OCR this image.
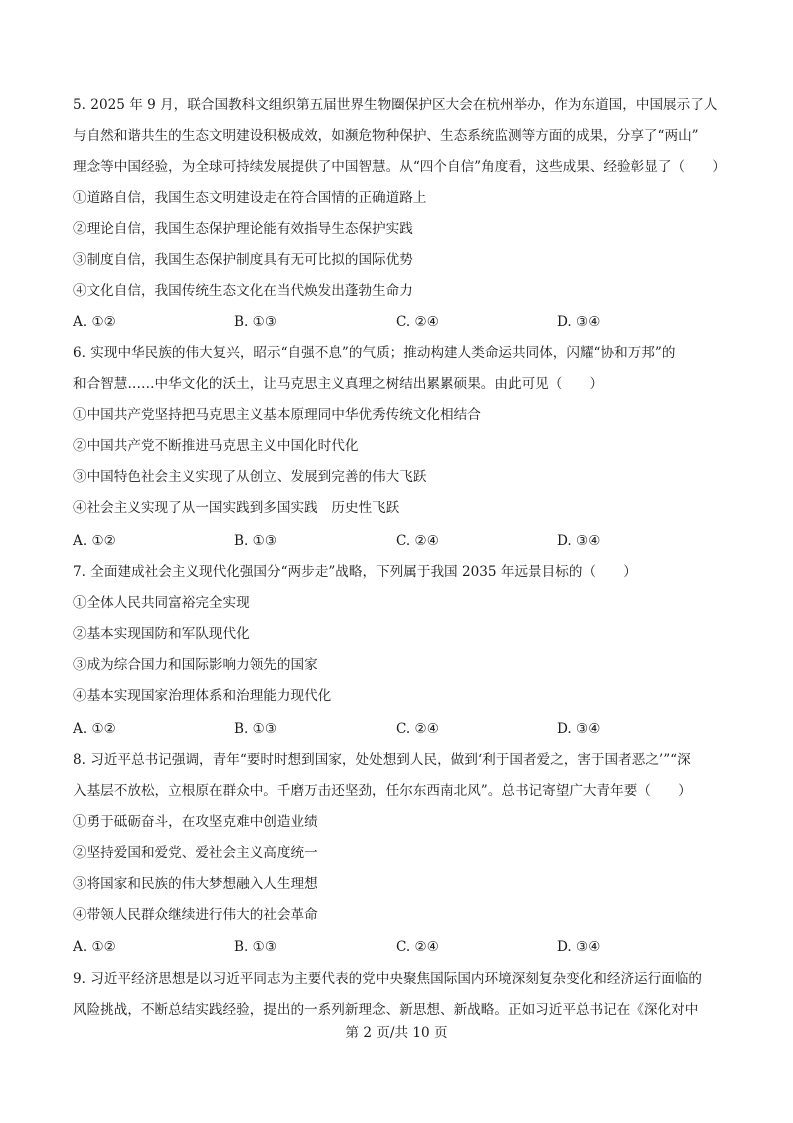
5. 2025 年 9 月，联合国教科文组织第五届世界生物圈保护区大会在杭州举办，作为东道国，中国展示了人
与自然和谐共生的生态文明建设积极成效，如濒危物种保护、生态系统监测等方面的成果，分享了“两山”
理念等中国经验，为全球可持续发展提供了中国智慧。从“四个自信”角度看，这些成果、经验彰显了（　　）
①道路自信，我国生态文明建设走在符合国情的正确道路上
②理论自信，我国生态保护理论能有效指导生态保护实践
③制度自信，我国生态保护制度具有无可比拟的国际优势
④文化自信，我国传统生态文化在当代焕发出蓬勃生命力
A. ①②	B. ①③	C. ②④	D. ③④
6. 实现中华民族的伟大复兴，昭示“自强不息”的气质；推动构建人类命运共同体，闪耀“协和万邦”的
和合智慧……中华文化的沃土，让马克思主义真理之树结出累累硕果。由此可见（　　）
①中国共产党坚持把马克思主义基本原理同中华优秀传统文化相结合
②中国共产党不断推进马克思主义中国化时代化
③中国特色社会主义实现了从创立、发展到完善的伟大飞跃
④社会主义实现了从一国实践到多国实践　历史性飞跃
A. ①②	B. ①③	C. ②④	D. ③④
7. 全面建成社会主义现代化强国分“两步走”战略，下列属于我国 2035 年远景目标的（　　）
①全体人民共同富裕完全实现
②基本实现国防和军队现代化
③成为综合国力和国际影响力领先的国家
④基本实现国家治理体系和治理能力现代化
A. ①②	B. ①③	C. ②④	D. ③④
8. 习近平总书记强调，青年“要时时想到国家，处处想到人民，做到‘利于国者爱之，害于国者恶之’”“深
入基层不放松，立根原在群众中。千磨万击还坚劲，任尔东西南北风”。总书记寄望广大青年要（　　）
①勇于砥砺奋斗，在攻坚克难中创造业绩
②坚持爱国和爱党、爱社会主义高度统一
③将国家和民族的伟大梦想融入人生理想
④带领人民群众继续进行伟大的社会革命
A. ①②	B. ①③	C. ②④	D. ③④
9. 习近平经济思想是以习近平同志为主要代表的党中央聚焦国际国内环境深刻复杂变化和经济运行面临的
风险挑战，不断总结实践经验，提出的一系列新理念、新思想、新战略。正如习近平总书记在《深化对中
第 2 页/共 10 页
